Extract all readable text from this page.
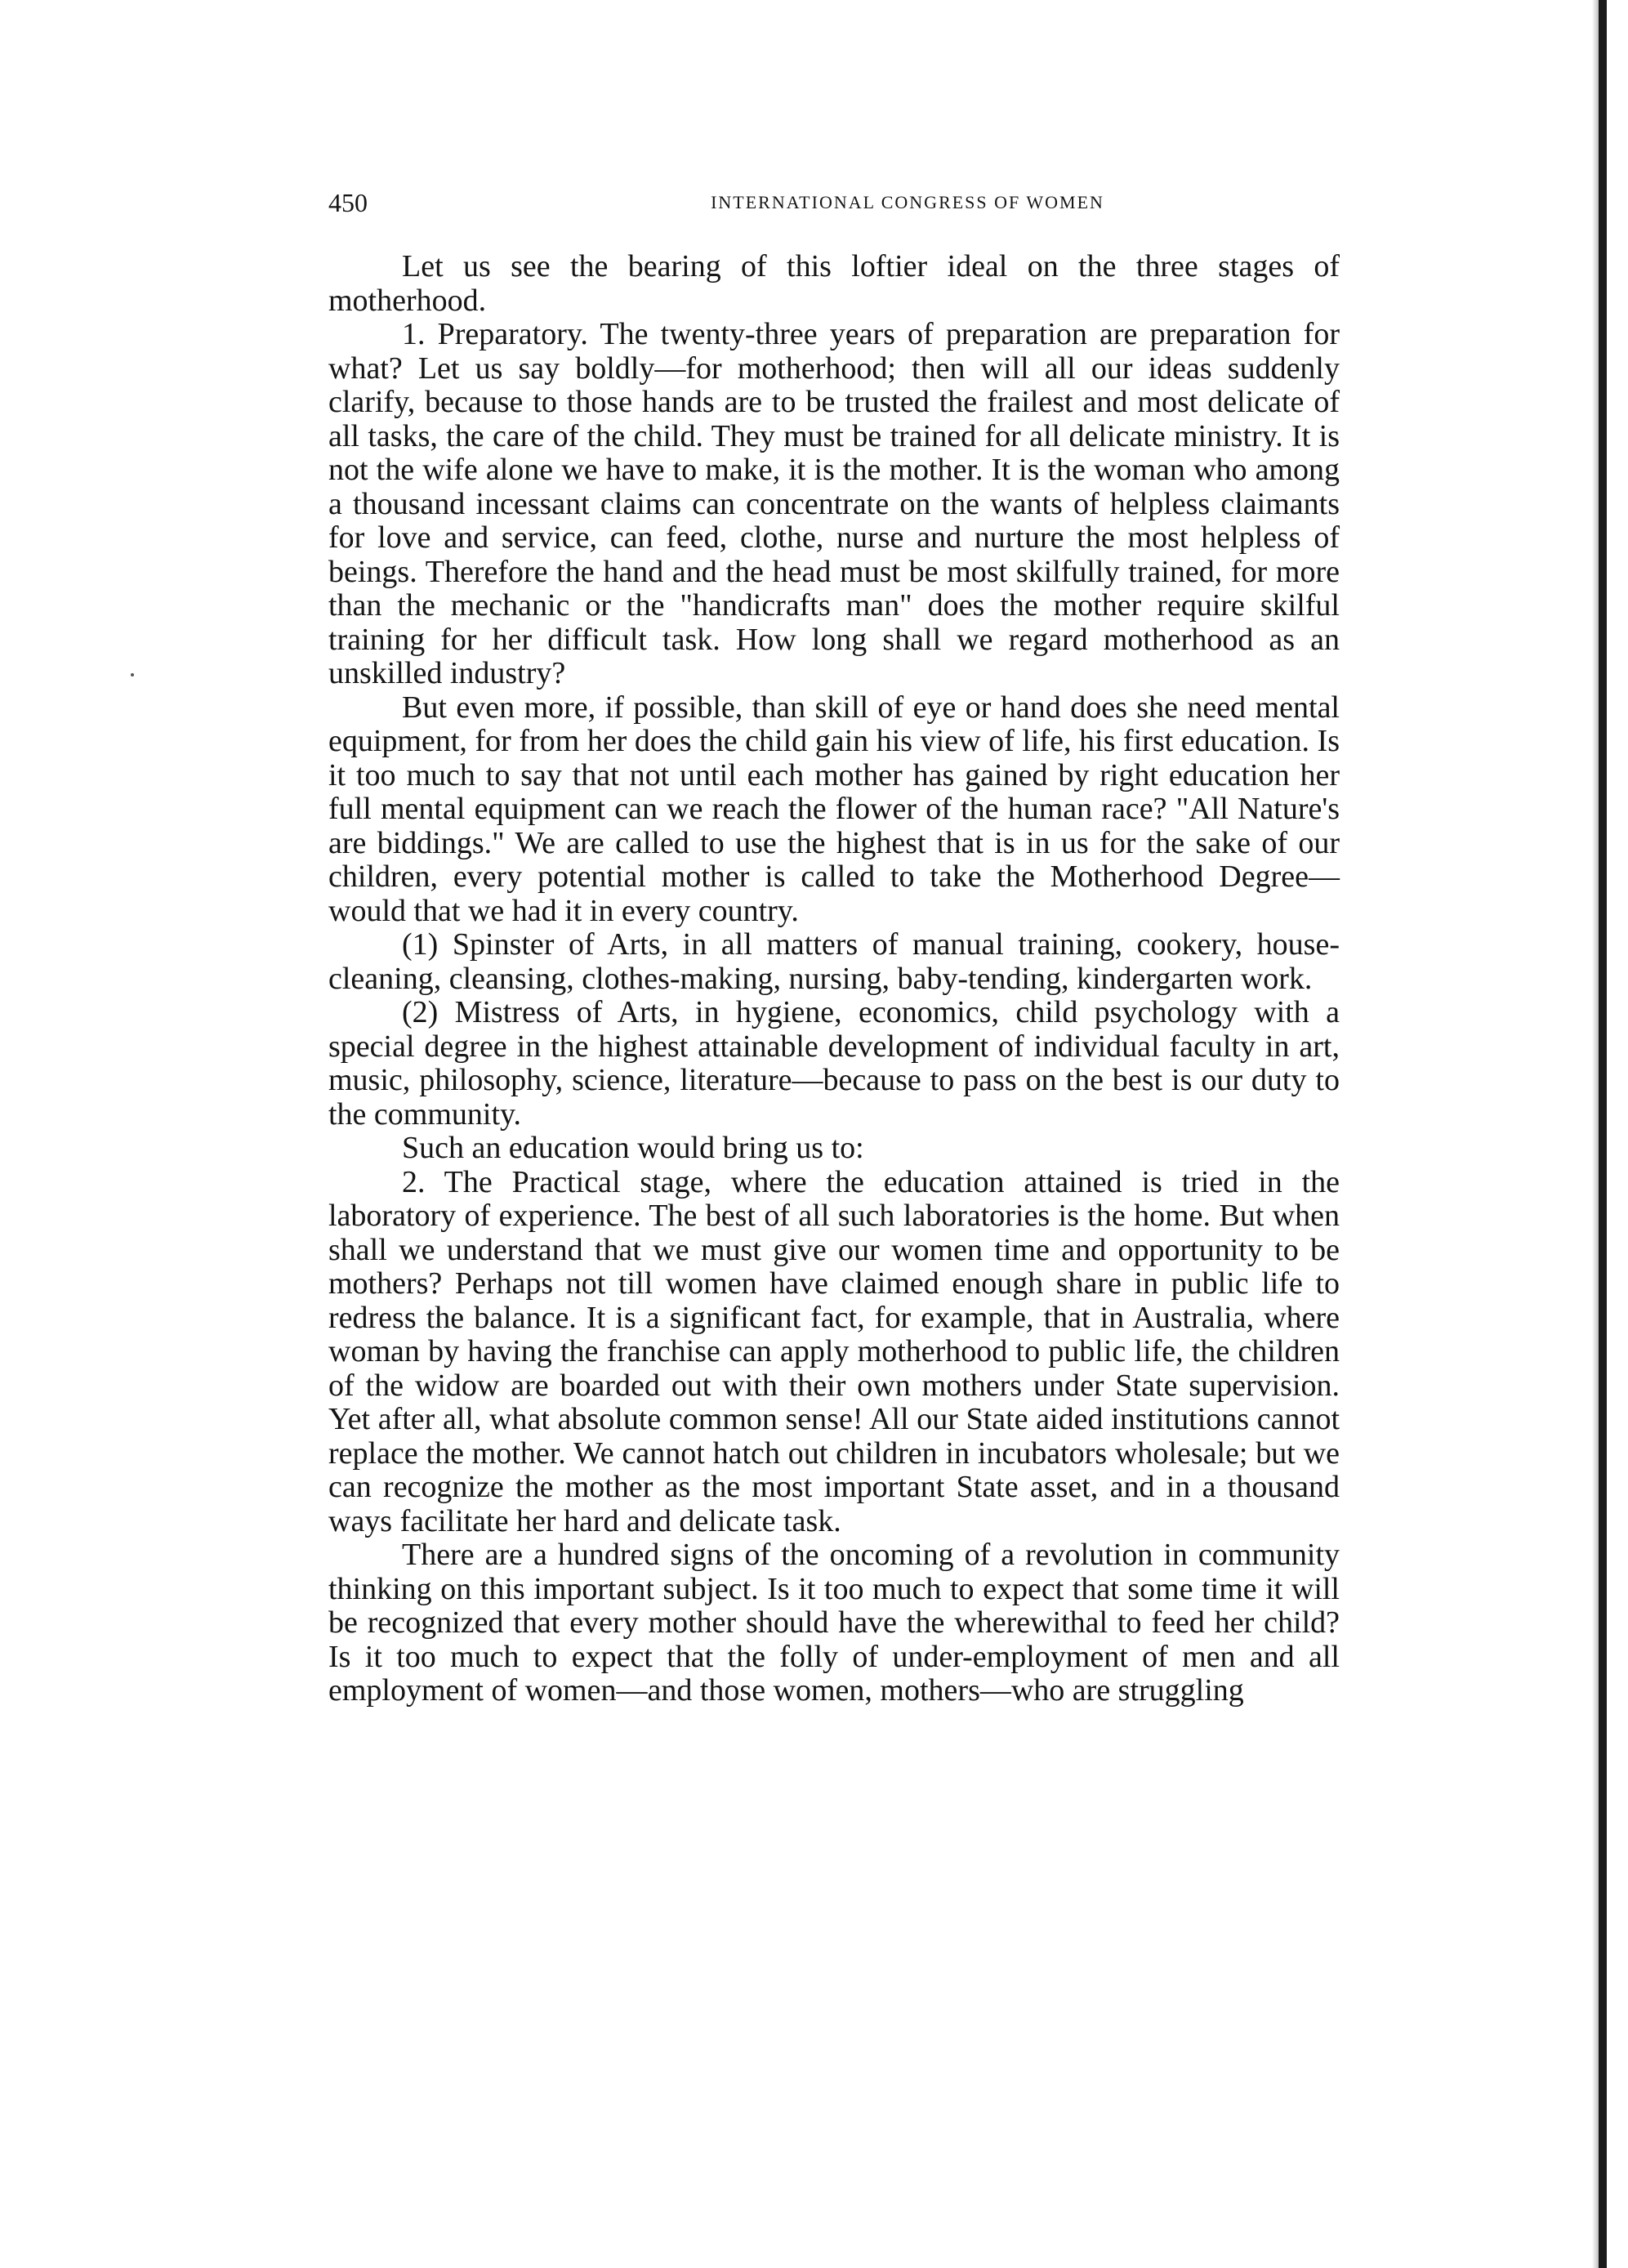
450	INTERNATIONAL CONGRESS OF WOMEN

Let us see the bearing of this loftier ideal on the three stages of motherhood.

1. Preparatory. The twenty-three years of preparation are preparation for what? Let us say boldly—for motherhood; then will all our ideas suddenly clarify, because to those hands are to be trusted the frailest and most delicate of all tasks, the care of the child. They must be trained for all delicate ministry. It is not the wife alone we have to make, it is the mother. It is the woman who among a thousand incessant claims can concentrate on the wants of helpless claimants for love and service, can feed, clothe, nurse and nurture the most helpless of beings. Therefore the hand and the head must be most skilfully trained, for more than the mechanic or the "handicrafts man" does the mother require skilful training for her difficult task. How long shall we regard motherhood as an unskilled industry?

But even more, if possible, than skill of eye or hand does she need mental equipment, for from her does the child gain his view of life, his first education. Is it too much to say that not until each mother has gained by right education her full mental equipment can we reach the flower of the human race? "All Nature's are biddings." We are called to use the highest that is in us for the sake of our children, every potential mother is called to take the Motherhood Degree—would that we had it in every country.

(1) Spinster of Arts, in all matters of manual training, cookery, house-cleaning, cleansing, clothes-making, nursing, baby-tending, kindergarten work.

(2) Mistress of Arts, in hygiene, economics, child psychology with a special degree in the highest attainable development of individual faculty in art, music, philosophy, science, literature—because to pass on the best is our duty to the community.

Such an education would bring us to:

2. The Practical stage, where the education attained is tried in the laboratory of experience. The best of all such laboratories is the home. But when shall we understand that we must give our women time and opportunity to be mothers? Perhaps not till women have claimed enough share in public life to redress the balance. It is a significant fact, for example, that in Australia, where woman by having the franchise can apply motherhood to public life, the children of the widow are boarded out with their own mothers under State supervision. Yet after all, what absolute common sense! All our State aided institutions cannot replace the mother. We cannot hatch out children in incubators wholesale; but we can recognize the mother as the most important State asset, and in a thousand ways facilitate her hard and delicate task.

There are a hundred signs of the oncoming of a revolution in community thinking on this important subject. Is it too much to expect that some time it will be recognized that every mother should have the wherewithal to feed her child? Is it too much to expect that the folly of under-employment of men and all employment of women—and those women, mothers—who are struggling
